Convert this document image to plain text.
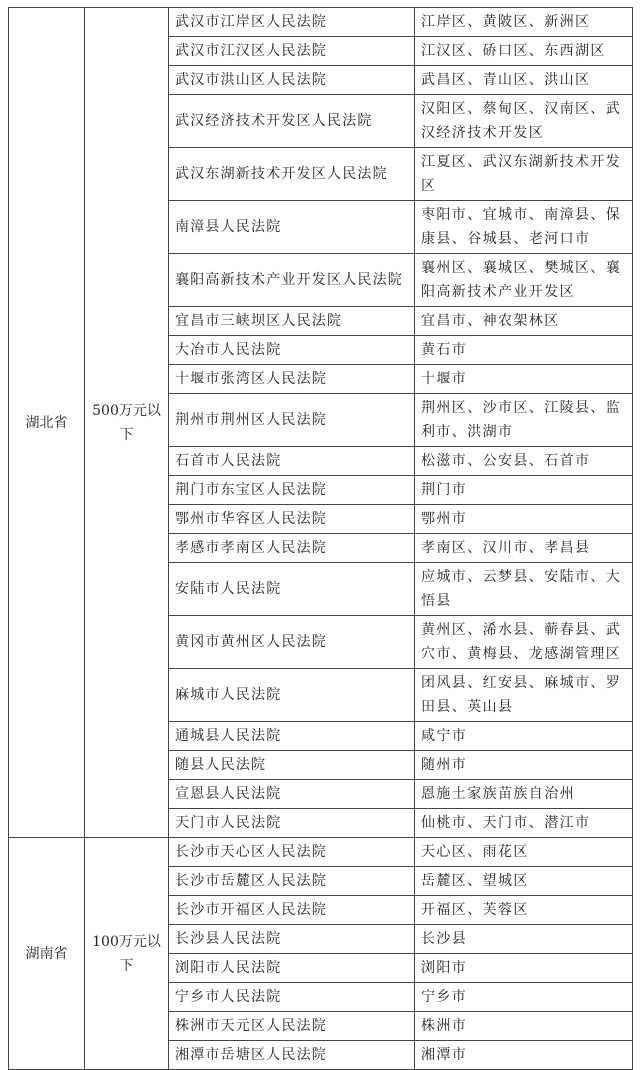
湖北省	500万元以下	武汉市江岸区人民法院	江岸区、黄陂区、新洲区
		武汉市江汉区人民法院	江汉区、硚口区、东西湖区
		武汉市洪山区人民法院	武昌区、青山区、洪山区
		武汉经济技术开发区人民法院	汉阳区、蔡甸区、汉南区、武汉经济技术开发区
		武汉东湖新技术开发区人民法院	江夏区、武汉东湖新技术开发区
		南漳县人民法院	枣阳市、宜城市、南漳县、保康县、谷城县、老河口市
		襄阳高新技术产业开发区人民法院	襄州区、襄城区、樊城区、襄阳高新技术产业开发区
		宜昌市三峡坝区人民法院	宜昌市、神农架林区
		大冶市人民法院	黄石市
		十堰市张湾区人民法院	十堰市
		荆州市荆州区人民法院	荆州区、沙市区、江陵县、监利市、洪湖市
		石首市人民法院	松滋市、公安县、石首市
		荆门市东宝区人民法院	荆门市
		鄂州市华容区人民法院	鄂州市
		孝感市孝南区人民法院	孝南区、汉川市、孝昌县
		安陆市人民法院	应城市、云梦县、安陆市、大悟县
		黄冈市黄州区人民法院	黄州区、浠水县、蕲春县、武穴市、黄梅县、龙感湖管理区
		麻城市人民法院	团风县、红安县、麻城市、罗田县、英山县
		通城县人民法院	咸宁市
		随县人民法院	随州市
		宣恩县人民法院	恩施土家族苗族自治州
		天门市人民法院	仙桃市、天门市、潜江市
湖南省	100万元以下	长沙市天心区人民法院	天心区、雨花区
		长沙市岳麓区人民法院	岳麓区、望城区
		长沙市开福区人民法院	开福区、芙蓉区
		长沙县人民法院	长沙县
		浏阳市人民法院	浏阳市
		宁乡市人民法院	宁乡市
		株洲市天元区人民法院	株洲市
		湘潭市岳塘区人民法院	湘潭市
